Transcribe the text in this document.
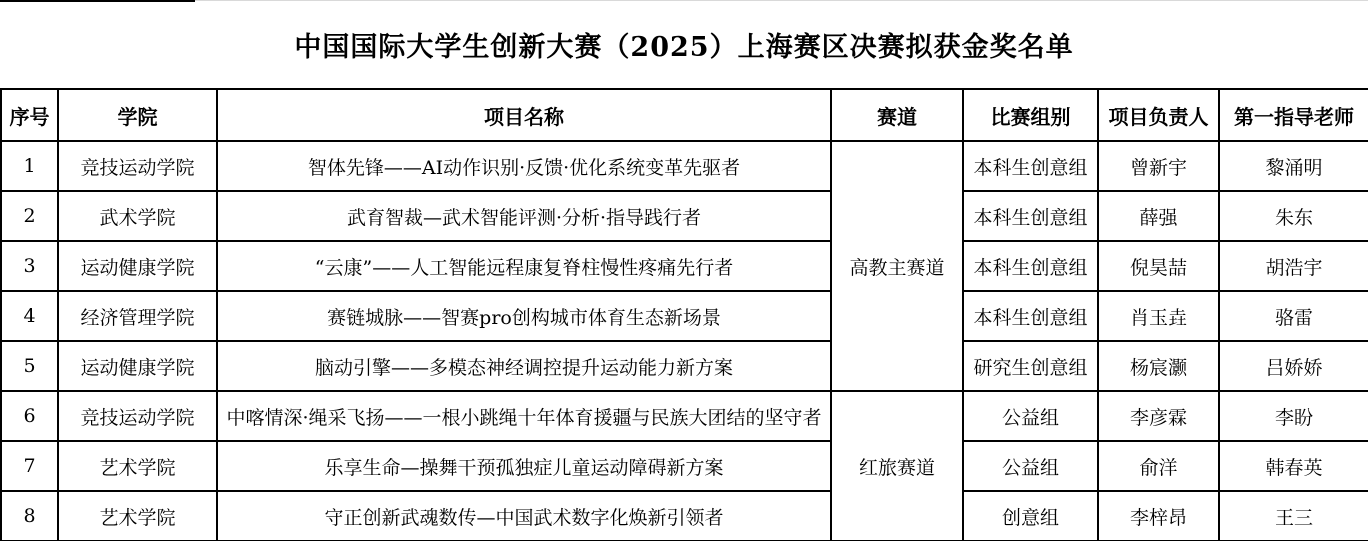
中国国际大学生创新大赛（2025）上海赛区决赛拟获金奖名单
序号	学院	项目名称	赛道	比赛组别	项目负责人	第一指导老师
1	竞技运动学院	智体先锋——AI动作识别·反馈·优化系统变革先驱者	高教主赛道	本科生创意组	曾新宇	黎涌明
2	武术学院	武育智裁—武术智能评测·分析·指导践行者		本科生创意组	薛强	朱东
3	运动健康学院	“云康”——人工智能远程康复脊柱慢性疼痛先行者		本科生创意组	倪昊喆	胡浩宇
4	经济管理学院	赛链城脉——智赛pro创构城市体育生态新场景		本科生创意组	肖玉垚	骆雷
5	运动健康学院	脑动引擎——多模态神经调控提升运动能力新方案		研究生创意组	杨宸灏	吕娇娇
6	竞技运动学院	中喀情深·绳采飞扬——一根小跳绳十年体育援疆与民族大团结的坚守者	红旅赛道	公益组	李彦霖	李盼
7	艺术学院	乐享生命—操舞干预孤独症儿童运动障碍新方案		公益组	俞洋	韩春英
8	艺术学院	守正创新武魂数传—中国武术数字化焕新引领者		创意组	李梓昂	王三
